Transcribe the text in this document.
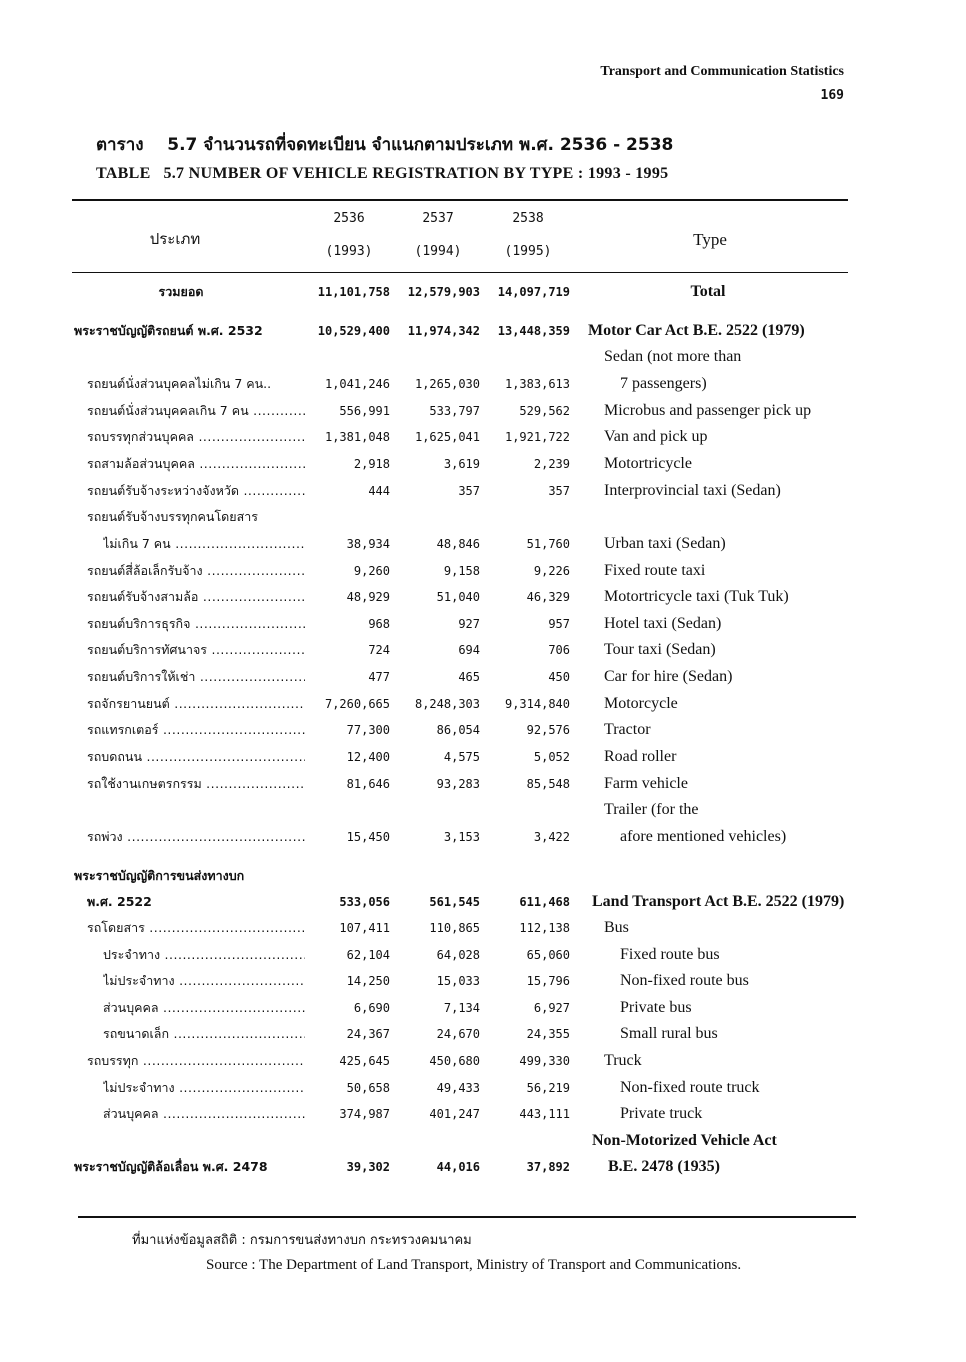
Transport and Communication Statistics
169
ตาราง    5.7 จำนวนรถที่จดทะเบียน จำแนกตามประเภท พ.ศ. 2536 - 2538
TABLE   5.7 NUMBER OF VEHICLE REGISTRATION BY TYPE : 1993 - 1995
ประเภท	Type
2536
(1993)
2537
(1994)
2538
(1995)
รวมยอด	11,101,758	12,579,903	14,097,719	Total
พระราชบัญญัติรถยนต์ พ.ศ. 2532	10,529,400	11,974,342	13,448,359 Motor Car Act B.E. 2522 (1979)
Sedan (not more than
รถยนต์นั่งส่วนบุคคลไม่เกิน 7 คน..	1,041,246	1,265,030	1,383,613	7 passengers)
รถยนต์นั่งส่วนบุคคลเกิน 7 คน .....	556,991	533,797	529,562 Microbus and passenger pick up
รถบรรทุกส่วนบุคคล .....	1,381,048	1,625,041	1,921,722 Van and pick up
รถสามล้อส่วนบุคคล .....	2,918	3,619	2,239 Motortricycle
รถยนต์รับจ้างระหว่างจังหวัด .....	444	357	357 Interprovincial taxi (Sedan)
รถยนต์รับจ้างบรรทุกคนโดยสาร
ไม่เกิน 7 คน .....	38,934	48,846	51,760 Urban taxi (Sedan)
รถยนต์สี่ล้อเล็กรับจ้าง .....	9,260	9,158	9,226 Fixed route taxi
รถยนต์รับจ้างสามล้อ .....	48,929	51,040	46,329 Motortricycle taxi (Tuk Tuk)
รถยนต์บริการธุรกิจ .....	968	927	957 Hotel taxi (Sedan)
รถยนต์บริการทัศนาจร .....	724	694	706 Tour taxi (Sedan)
รถยนต์บริการให้เช่า .....	477	465	450 Car for hire (Sedan)
รถจักรยานยนต์ .....	7,260,665	8,248,303	9,314,840 Motorcycle
รถแทรกเตอร์ .....	77,300	86,054	92,576 Tractor
รถบดถนน .....	12,400	4,575	5,052 Road roller
รถใช้งานเกษตรกรรม .....	81,646	93,283	85,548 Farm vehicle
Trailer (for the
รถพ่วง .....	15,450	3,153	3,422	afore mentioned vehicles)
พระราชบัญญัติการขนส่งทางบก
พ.ศ. 2522	533,056	561,545	611,468 Land Transport Act B.E. 2522 (1979)
รถโดยสาร .....	107,411	110,865	112,138 Bus
ประจำทาง .....	62,104	64,028	65,060	Fixed route bus
ไม่ประจำทาง .....	14,250	15,033	15,796	Non-fixed route bus
ส่วนบุคคล .....	6,690	7,134	6,927	Private bus
รถขนาดเล็ก .....	24,367	24,670	24,355	Small rural bus
รถบรรทุก .....	425,645	450,680	499,330 Truck
ไม่ประจำทาง .....	50,658	49,433	56,219	Non-fixed route truck
ส่วนบุคคล .....	374,987	401,247	443,111	Private truck
Non-Motorized Vehicle Act
พระราชบัญญัติล้อเลื่อน พ.ศ. 2478	39,302	44,016	37,892 B.E. 2478 (1935)
ที่มาแห่งข้อมูลสถิติ : กรมการขนส่งทางบก กระทรวงคมนาคม
Source : The Department of Land Transport, Ministry of Transport and Communications.
